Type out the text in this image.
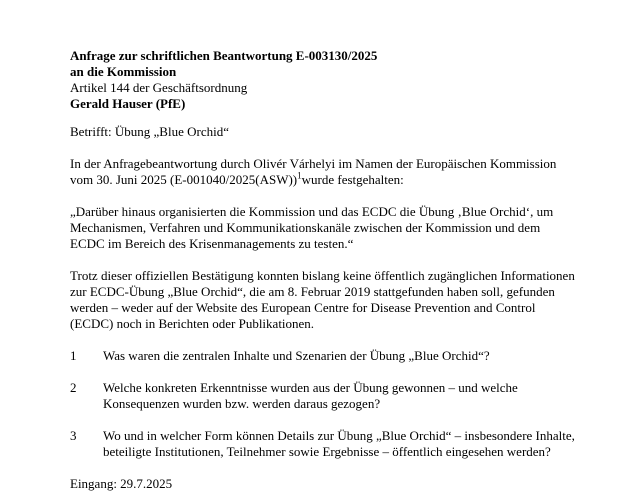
Anfrage zur schriftlichen Beantwortung E-003130/2025

an die Kommission

Artikel 144 der Geschäftsordnung

Gerald Hauser (PfE)

Betrifft: Übung „Blue Orchid“

In der Anfragebeantwortung durch Olivér Várhelyi im Namen der Europäischen Kommission vom 30. Juni 2025 (E-001040/2025(ASW))$^1$wurde festgehalten:

„Darüber hinaus organisierten die Kommission und das ECDC die Übung ‚Blue Orchid‘, um Mechanismen, Verfahren und Kommunikationskanäle zwischen der Kommission und dem ECDC im Bereich des Krisenmanagements zu testen.“

Trotz dieser offiziellen Bestätigung konnten bislang keine öffentlich zugänglichen Informationen zur ECDC-Übung „Blue Orchid“, die am 8. Februar 2019 stattgefunden haben soll, gefunden werden – weder auf der Website des European Centre for Disease Prevention and Control (ECDC) noch in Berichten oder Publikationen.

1	Was waren die zentralen Inhalte und Szenarien der Übung „Blue Orchid“?
2	Welche konkreten Erkenntnisse wurden aus der Übung gewonnen – und welche Konsequenzen wurden bzw. werden daraus gezogen?
3	Wo und in welcher Form können Details zur Übung „Blue Orchid“ – insbesondere Inhalte, beteiligte Institutionen, Teilnehmer sowie Ergebnisse – öffentlich eingesehen werden?

Eingang: 29.7.2025
